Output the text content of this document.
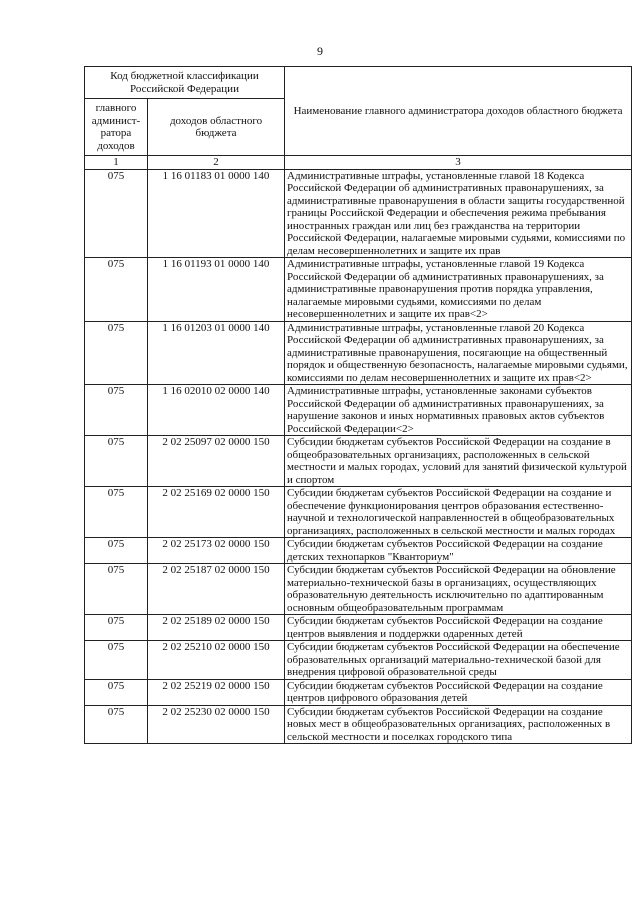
9
Код бюджетной классификации Российской Федерации		Наименование главного администратора доходов областного бюджета
главного админист-ратора доходов	доходов областного бюджета	
1	2	3
075	1 16 01183 01 0000 140	Административные штрафы, установленные главой 18 Кодекса Российской Федерации об административных правонарушениях, за административные правонарушения в области защиты государственной границы Российской Федерации и обеспечения режима пребывания иностранных граждан или лиц без гражданства на территории Российской Федерации, налагаемые мировыми судьями, комиссиями по делам несовершеннолетних и защите их прав
075	1 16 01193 01 0000 140	Административные штрафы, установленные главой 19 Кодекса Российской Федерации об административных правонарушениях, за административные правонарушения против порядка управления, налагаемые мировыми судьями, комиссиями по делам несовершеннолетних и защите их прав<2>
075	1 16 01203 01 0000 140	Административные штрафы, установленные главой 20 Кодекса Российской Федерации об административных правонарушениях, за административные правонарушения, посягающие на общественный порядок и общественную безопасность, налагаемые мировыми судьями, комиссиями по делам несовершеннолетних и защите их прав<2>
075	1 16 02010 02 0000 140	Административные штрафы, установленные законами субъектов Российской Федерации об административных правонарушениях, за нарушение законов и иных нормативных правовых актов субъектов Российской Федерации<2>
075	2 02 25097 02 0000 150	Субсидии бюджетам субъектов Российской Федерации на создание в общеобразовательных организациях, расположенных в сельской местности и малых городах, условий для занятий физической культурой и спортом
075	2 02 25169 02 0000 150	Субсидии бюджетам субъектов Российской Федерации на создание и обеспечение функционирования центров образования естественно-научной и технологической направленностей в общеобразовательных организациях, расположенных в сельской местности и малых городах
075	2 02 25173 02 0000 150	Субсидии бюджетам субъектов Российской Федерации на создание детских технопарков "Кванториум"
075	2 02 25187 02 0000 150	Субсидии бюджетам субъектов Российской Федерации на обновление материально-технической базы в организациях, осуществляющих образовательную деятельность исключительно по адаптированным основным общеобразовательным программам
075	2 02 25189 02 0000 150	Субсидии бюджетам субъектов Российской Федерации на создание центров выявления и поддержки одаренных детей
075	2 02 25210 02 0000 150	Субсидии бюджетам субъектов Российской Федерации на обеспечение образовательных организаций материально-технической базой для внедрения цифровой образовательной среды
075	2 02 25219 02 0000 150	Субсидии бюджетам субъектов Российской Федерации на создание центров цифрового образования детей
075	2 02 25230 02 0000 150	Субсидии бюджетам субъектов Российской Федерации на создание новых мест в общеобразовательных организациях, расположенных в сельской местности и поселках городского типа
